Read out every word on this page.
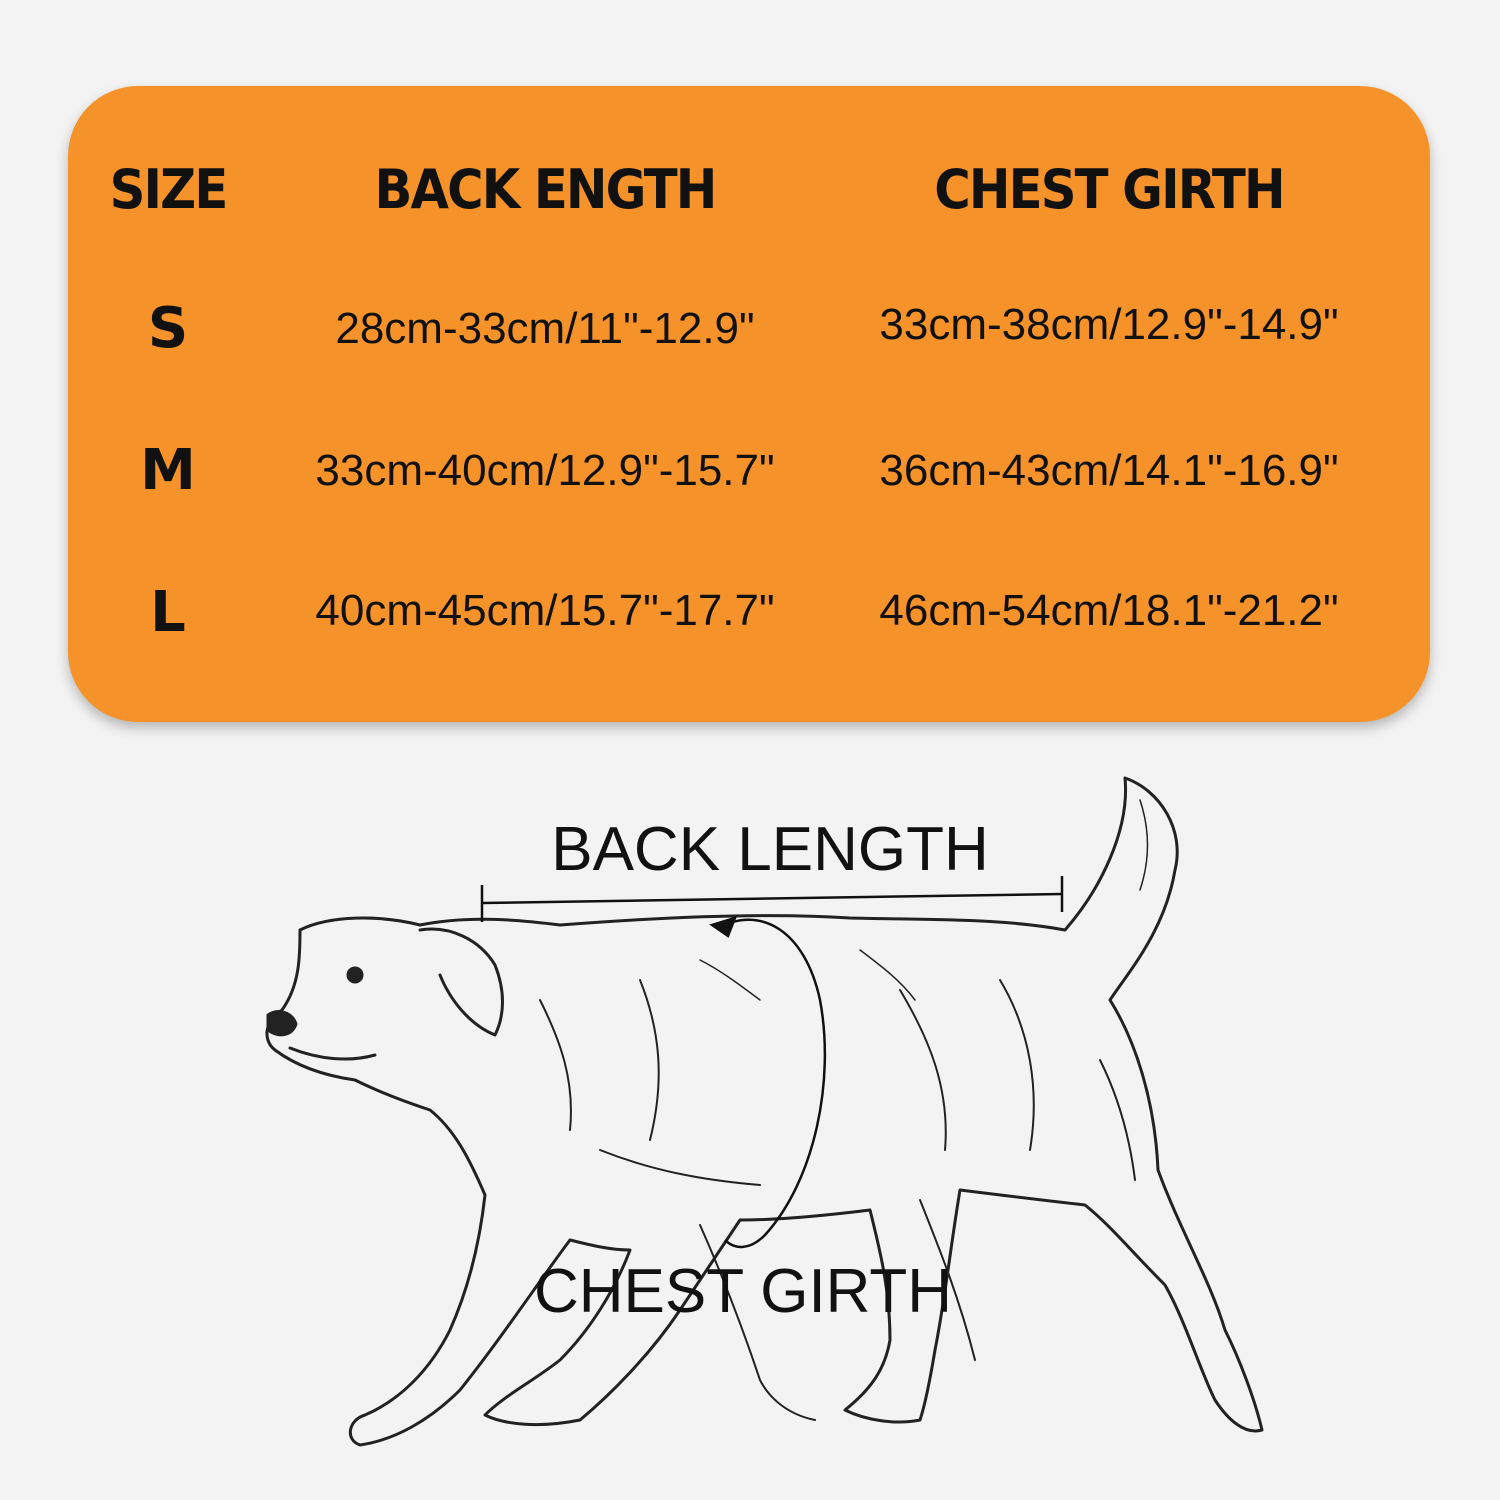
SIZE	BACK ENGTH	CHEST GIRTH
S	28cm-33cm/11"-12.9"	33cm-38cm/12.9"-14.9"
M	33cm-40cm/12.9"-15.7" 36cm-43cm/14.1"-16.9"
L	40cm-45cm/15.7"-17.7" 46cm-54cm/18.1"-21.2"
BACK LENGTH
CHEST GIRTH
